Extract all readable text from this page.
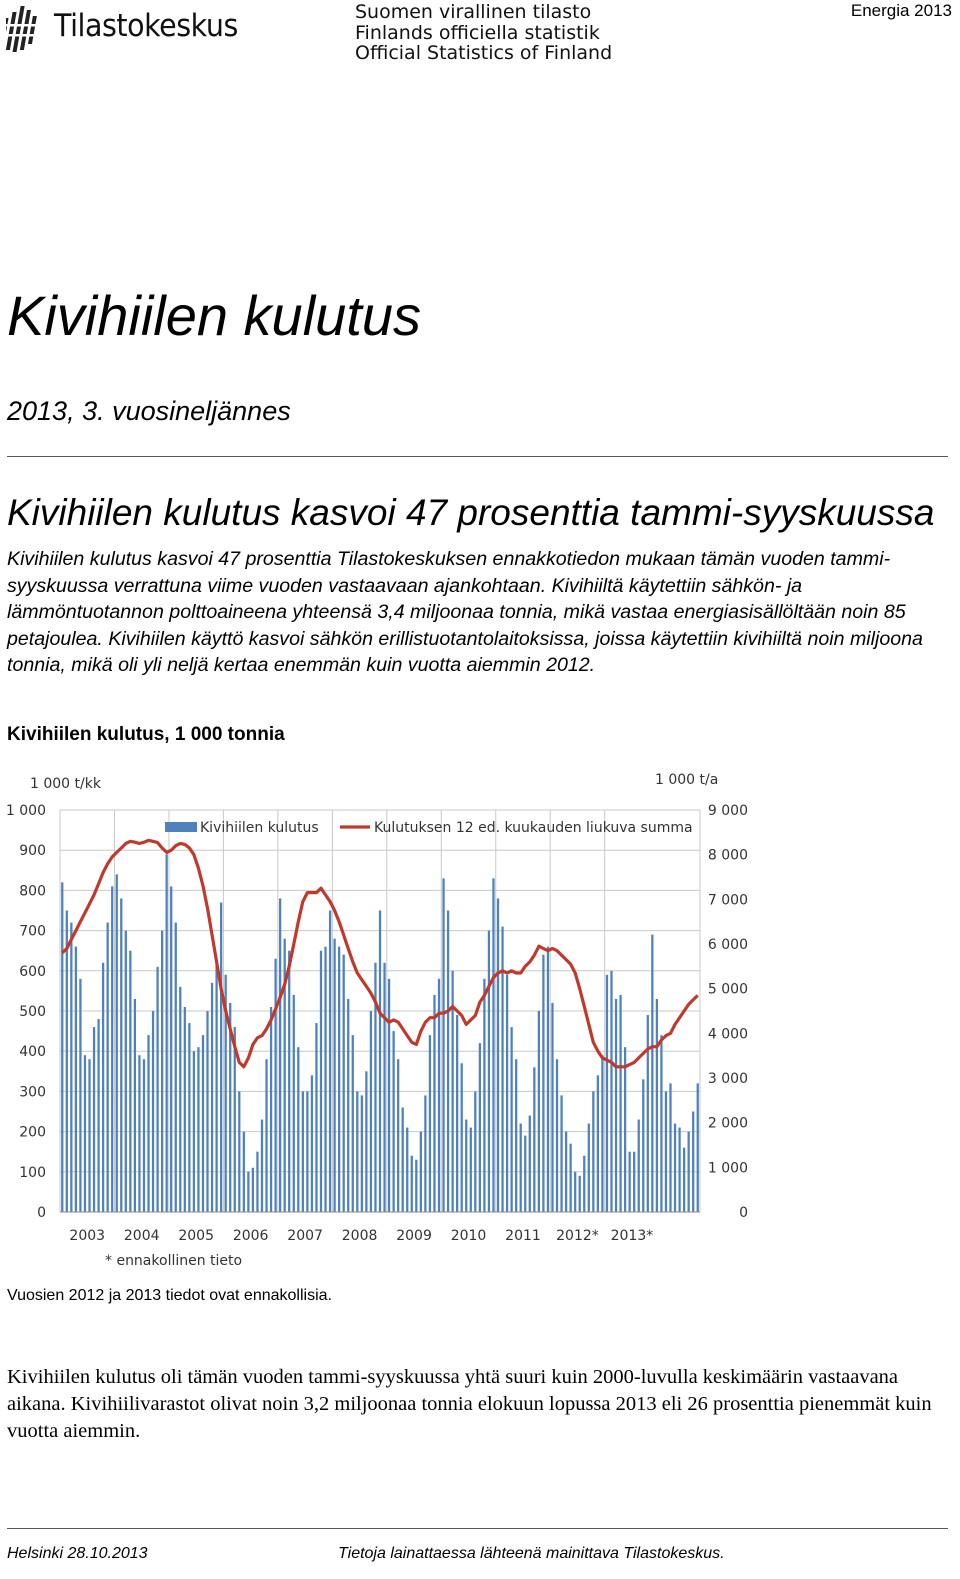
Tilastokeskus	Suomen virallinen tilasto
Finlands officiella statistik
Official Statistics of Finland
Energia 2013
Kivihiilen kulutus
2013, 3. vuosineljännes
Kivihiilen kulutus kasvoi 47 prosenttia tammi-syyskuussa
Kivihiilen kulutus kasvoi 47 prosenttia Tilastokeskuksen ennakkotiedon mukaan tämän vuoden tammi-syyskuussa verrattuna viime vuoden vastaavaan ajankohtaan. Kivihiiltä käytettiin sähkön- ja lämmöntuotannon polttoaineena yhteensä 3,4 miljoonaa tonnia, mikä vastaa energiasisällöltään noin 85 petajoulea. Kivihiilen käyttö kasvoi sähkön erillistuotantolaitoksissa, joissa käytettiin kivihiiltä noin miljoona tonnia, mikä oli yli neljä kertaa enemmän kuin vuotta aiemmin 2012.
Kivihiilen kulutus, 1 000 tonnia
0
100
200
300
400
500
600
700
800
900
1 000
0
1 000
2 000
3 000
4 000
5 000
6 000
7 000
8 000
9 000
2003 2004 2005 2006 2007 2008 2009 2010 2011 2012* 2013*
1 000 t/kk	1 000 t/a
Kivihiilen kulutus	Kulutuksen 12 ed. kuukauden liukuva summa
* ennakollinen tieto
Vuosien 2012 ja 2013 tiedot ovat ennakollisia.
Kivihiilen kulutus oli tämän vuoden tammi-syyskuussa yhtä suuri kuin 2000-luvulla keskimäärin vastaavana aikana. Kivihiilivarastot olivat noin 3,2 miljoonaa tonnia elokuun lopussa 2013 eli 26 prosenttia pienemmät kuin vuotta aiemmin.
Helsinki 28.10.2013	Tietoja lainattaessa lähteenä mainittava Tilastokeskus.
